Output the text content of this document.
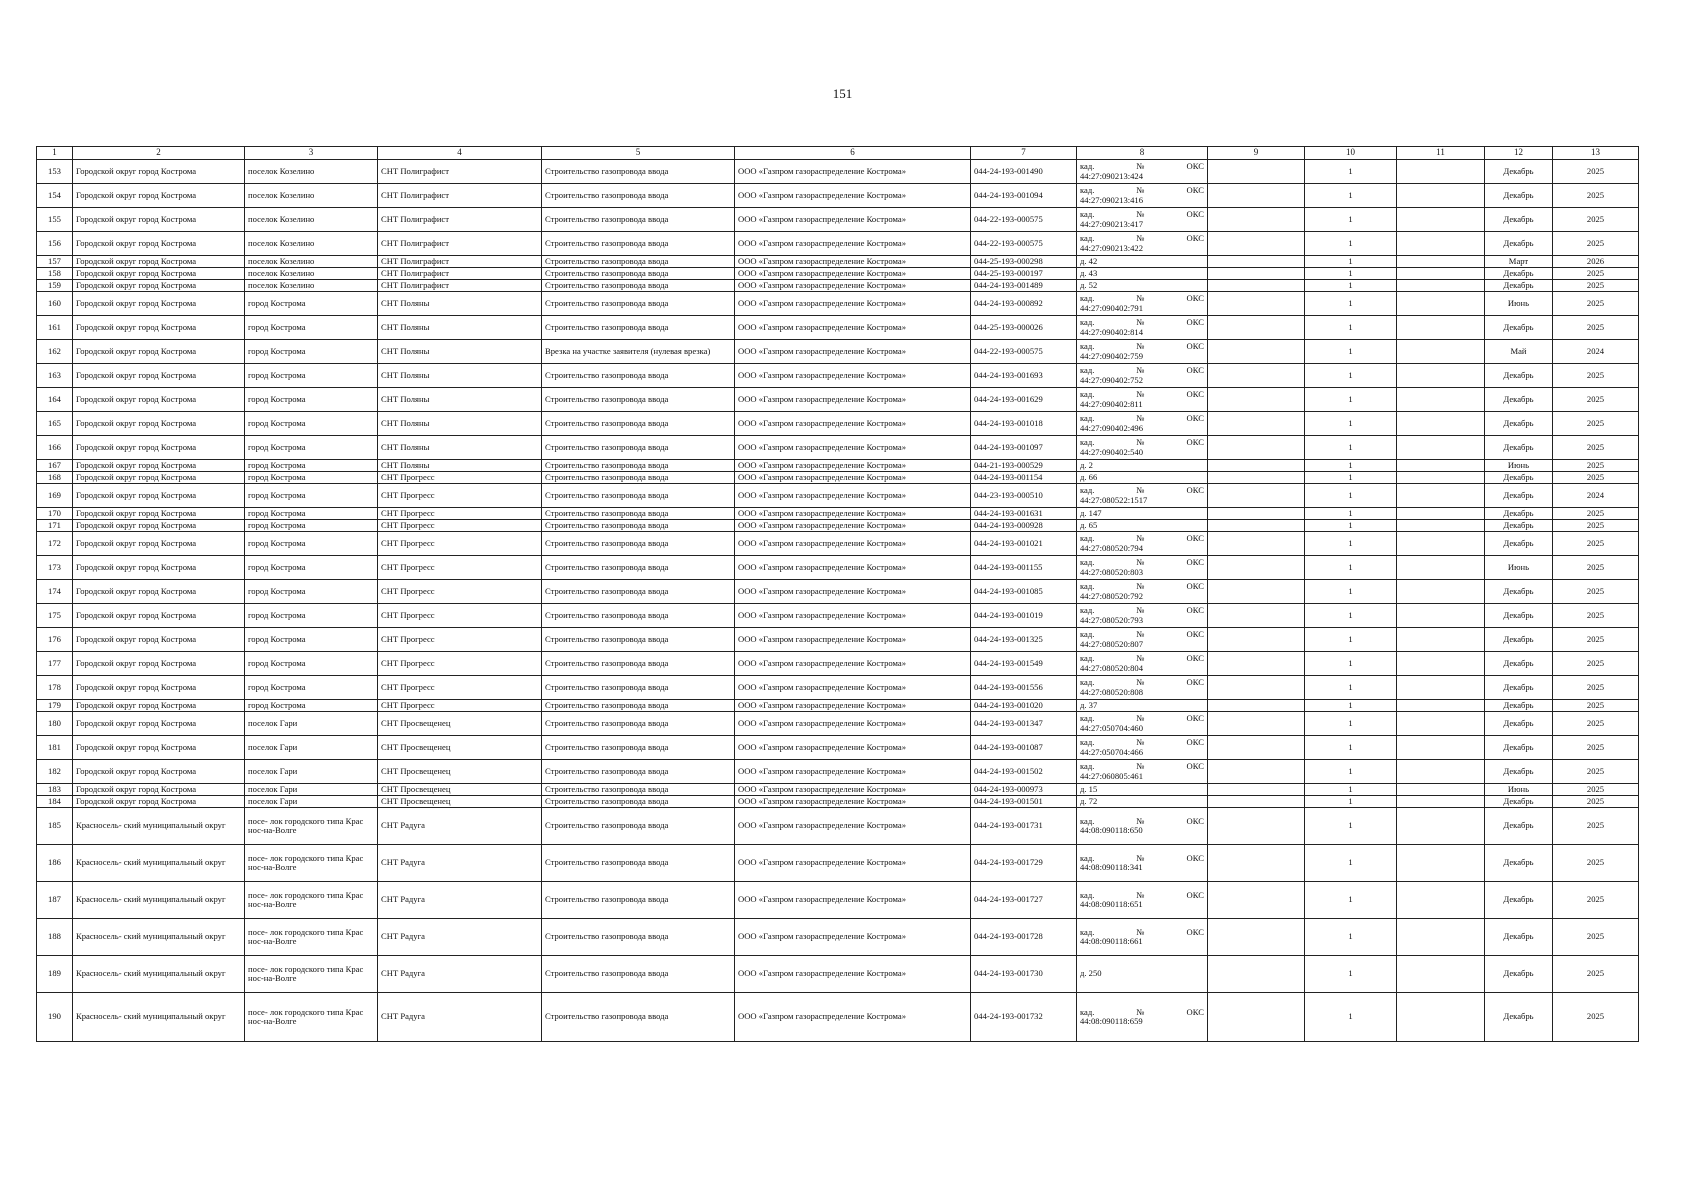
151
1	2	3	4	5	6	7	8	9	10	11	12	13
153	Городской округ город Кострома	поселок Козелино	СНТ Полиграфист	Строительство газопровода ввода	ООО «Газпром газораспределение Кострома»	044-24-193-001490	кад. № ОКС
44:27:090213:424		1		Декабрь	2025
154	Городской округ город Кострома	поселок Козелино	СНТ Полиграфист	Строительство газопровода ввода	ООО «Газпром газораспределение Кострома»	044-24-193-001094	кад. № ОКС
44:27:090213:416		1		Декабрь	2025
155	Городской округ город Кострома	поселок Козелино	СНТ Полиграфист	Строительство газопровода ввода	ООО «Газпром газораспределение Кострома»	044-22-193-000575	кад. № ОКС
44:27:090213:417		1		Декабрь	2025
156	Городской округ город Кострома	поселок Козелино	СНТ Полиграфист	Строительство газопровода ввода	ООО «Газпром газораспределение Кострома»	044-22-193-000575	кад. № ОКС
44:27:090213:422		1		Декабрь	2025
157	Городской округ город Кострома	поселок Козелино	СНТ Полиграфист	Строительство газопровода ввода	ООО «Газпром газораспределение Кострома»	044-25-193-000298	д. 42		1		Март	2026
158	Городской округ город Кострома	поселок Козелино	СНТ Полиграфист	Строительство газопровода ввода	ООО «Газпром газораспределение Кострома»	044-25-193-000197	д. 43		1		Декабрь	2025
159	Городской округ город Кострома	поселок Козелино	СНТ Полиграфист	Строительство газопровода ввода	ООО «Газпром газораспределение Кострома»	044-24-193-001489	д. 52		1		Декабрь	2025
160	Городской округ город Кострома	город Кострома	СНТ Поляны	Строительство газопровода ввода	ООО «Газпром газораспределение Кострома»	044-24-193-000892	кад. № ОКС
44:27:090402:791		1		Июнь	2025
161	Городской округ город Кострома	город Кострома	СНТ Поляны	Строительство газопровода ввода	ООО «Газпром газораспределение Кострома»	044-25-193-000026	кад. № ОКС
44:27:090402:814		1		Декабрь	2025
162	Городской округ город Кострома	город Кострома	СНТ Поляны	Врезка на участке заявителя (нулевая врезка)	ООО «Газпром газораспределение Кострома»	044-22-193-000575	кад. № ОКС
44:27:090402:759		1		Май	2024
163	Городской округ город Кострома	город Кострома	СНТ Поляны	Строительство газопровода ввода	ООО «Газпром газораспределение Кострома»	044-24-193-001693	кад. № ОКС
44:27:090402:752		1		Декабрь	2025
164	Городской округ город Кострома	город Кострома	СНТ Поляны	Строительство газопровода ввода	ООО «Газпром газораспределение Кострома»	044-24-193-001629	кад. № ОКС
44:27:090402:811		1		Декабрь	2025
165	Городской округ город Кострома	город Кострома	СНТ Поляны	Строительство газопровода ввода	ООО «Газпром газораспределение Кострома»	044-24-193-001018	кад. № ОКС
44:27:090402:496		1		Декабрь	2025
166	Городской округ город Кострома	город Кострома	СНТ Поляны	Строительство газопровода ввода	ООО «Газпром газораспределение Кострома»	044-24-193-001097	кад. № ОКС
44:27:090402:540		1		Декабрь	2025
167	Городской округ город Кострома	город Кострома	СНТ Поляны	Строительство газопровода ввода	ООО «Газпром газораспределение Кострома»	044-21-193-000529	д. 2		1		Июнь	2025
168	Городской округ город Кострома	город Кострома	СНТ Прогресс	Строительство газопровода ввода	ООО «Газпром газораспределение Кострома»	044-24-193-001154	д. 66		1		Декабрь	2025
169	Городской округ город Кострома	город Кострома	СНТ Прогресс	Строительство газопровода ввода	ООО «Газпром газораспределение Кострома»	044-23-193-000510	кад. № ОКС
44:27:080522:1517		1		Декабрь	2024
170	Городской округ город Кострома	город Кострома	СНТ Прогресс	Строительство газопровода ввода	ООО «Газпром газораспределение Кострома»	044-24-193-001631	д. 147		1		Декабрь	2025
171	Городской округ город Кострома	город Кострома	СНТ Прогресс	Строительство газопровода ввода	ООО «Газпром газораспределение Кострома»	044-24-193-000928	д. 65		1		Декабрь	2025
172	Городской округ город Кострома	город Кострома	СНТ Прогресс	Строительство газопровода ввода	ООО «Газпром газораспределение Кострома»	044-24-193-001021	кад. № ОКС
44:27:080520:794		1		Декабрь	2025
173	Городской округ город Кострома	город Кострома	СНТ Прогресс	Строительство газопровода ввода	ООО «Газпром газораспределение Кострома»	044-24-193-001155	кад. № ОКС
44:27:080520:803		1		Июнь	2025
174	Городской округ город Кострома	город Кострома	СНТ Прогресс	Строительство газопровода ввода	ООО «Газпром газораспределение Кострома»	044-24-193-001085	кад. № ОКС
44:27:080520:792		1		Декабрь	2025
175	Городской округ город Кострома	город Кострома	СНТ Прогресс	Строительство газопровода ввода	ООО «Газпром газораспределение Кострома»	044-24-193-001019	кад. № ОКС
44:27:080520:793		1		Декабрь	2025
176	Городской округ город Кострома	город Кострома	СНТ Прогресс	Строительство газопровода ввода	ООО «Газпром газораспределение Кострома»	044-24-193-001325	кад. № ОКС
44:27:080520:807		1		Декабрь	2025
177	Городской округ город Кострома	город Кострома	СНТ Прогресс	Строительство газопровода ввода	ООО «Газпром газораспределение Кострома»	044-24-193-001549	кад. № ОКС
44:27:080520:804		1		Декабрь	2025
178	Городской округ город Кострома	город Кострома	СНТ Прогресс	Строительство газопровода ввода	ООО «Газпром газораспределение Кострома»	044-24-193-001556	кад. № ОКС
44:27:080520:808		1		Декабрь	2025
179	Городской округ город Кострома	город Кострома	СНТ Прогресс	Строительство газопровода ввода	ООО «Газпром газораспределение Кострома»	044-24-193-001020	д. 37		1		Декабрь	2025
180	Городской округ город Кострома	поселок Гари	СНТ Просвещенец	Строительство газопровода ввода	ООО «Газпром газораспределение Кострома»	044-24-193-001347	кад. № ОКС
44:27:050704:460		1		Декабрь	2025
181	Городской округ город Кострома	поселок Гари	СНТ Просвещенец	Строительство газопровода ввода	ООО «Газпром газораспределение Кострома»	044-24-193-001087	кад. № ОКС
44:27:050704:466		1		Декабрь	2025
182	Городской округ город Кострома	поселок Гари	СНТ Просвещенец	Строительство газопровода ввода	ООО «Газпром газораспределение Кострома»	044-24-193-001502	кад. № ОКС
44:27:060805:461		1		Декабрь	2025
183	Городской округ город Кострома	поселок Гари	СНТ Просвещенец	Строительство газопровода ввода	ООО «Газпром газораспределение Кострома»	044-24-193-000973	д. 15		1		Июнь	2025
184	Городской округ город Кострома	поселок Гари	СНТ Просвещенец	Строительство газопровода ввода	ООО «Газпром газораспределение Кострома»	044-24-193-001501	д. 72		1		Декабрь	2025
185	Красносель- ский муниципальный округ	посе- лок городского типа Крас нос-на-Волге	СНТ Радуга	Строительство газопровода ввода	ООО «Газпром газораспределение Кострома»	044-24-193-001731	кад. № ОКС
44:08:090118:650		1		Декабрь	2025
186	Красносель- ский муниципальный округ	посе- лок городского типа Крас нос-на-Волге	СНТ Радуга	Строительство газопровода ввода	ООО «Газпром газораспределение Кострома»	044-24-193-001729	кад. № ОКС
44:08:090118:341		1		Декабрь	2025
187	Красносель- ский муниципальный округ	посе- лок городского типа Крас нос-на-Волге	СНТ Радуга	Строительство газопровода ввода	ООО «Газпром газораспределение Кострома»	044-24-193-001727	кад. № ОКС
44:08:090118:651		1		Декабрь	2025
188	Красносель- ский муниципальный округ	посе- лок городского типа Крас нос-на-Волге	СНТ Радуга	Строительство газопровода ввода	ООО «Газпром газораспределение Кострома»	044-24-193-001728	кад. № ОКС
44:08:090118:661		1		Декабрь	2025
189	Красносель- ский муниципальный округ	посе- лок городского типа Крас нос-на-Волге	СНТ Радуга	Строительство газопровода ввода	ООО «Газпром газораспределение Кострома»	044-24-193-001730	д. 250		1		Декабрь	2025
190	Красносель- ский муниципальный округ	посе- лок городского типа Крас нос-на-Волге	СНТ Радуга	Строительство газопровода ввода	ООО «Газпром газораспределение Кострома»	044-24-193-001732	кад. № ОКС
44:08:090118:659		1		Декабрь	2025
